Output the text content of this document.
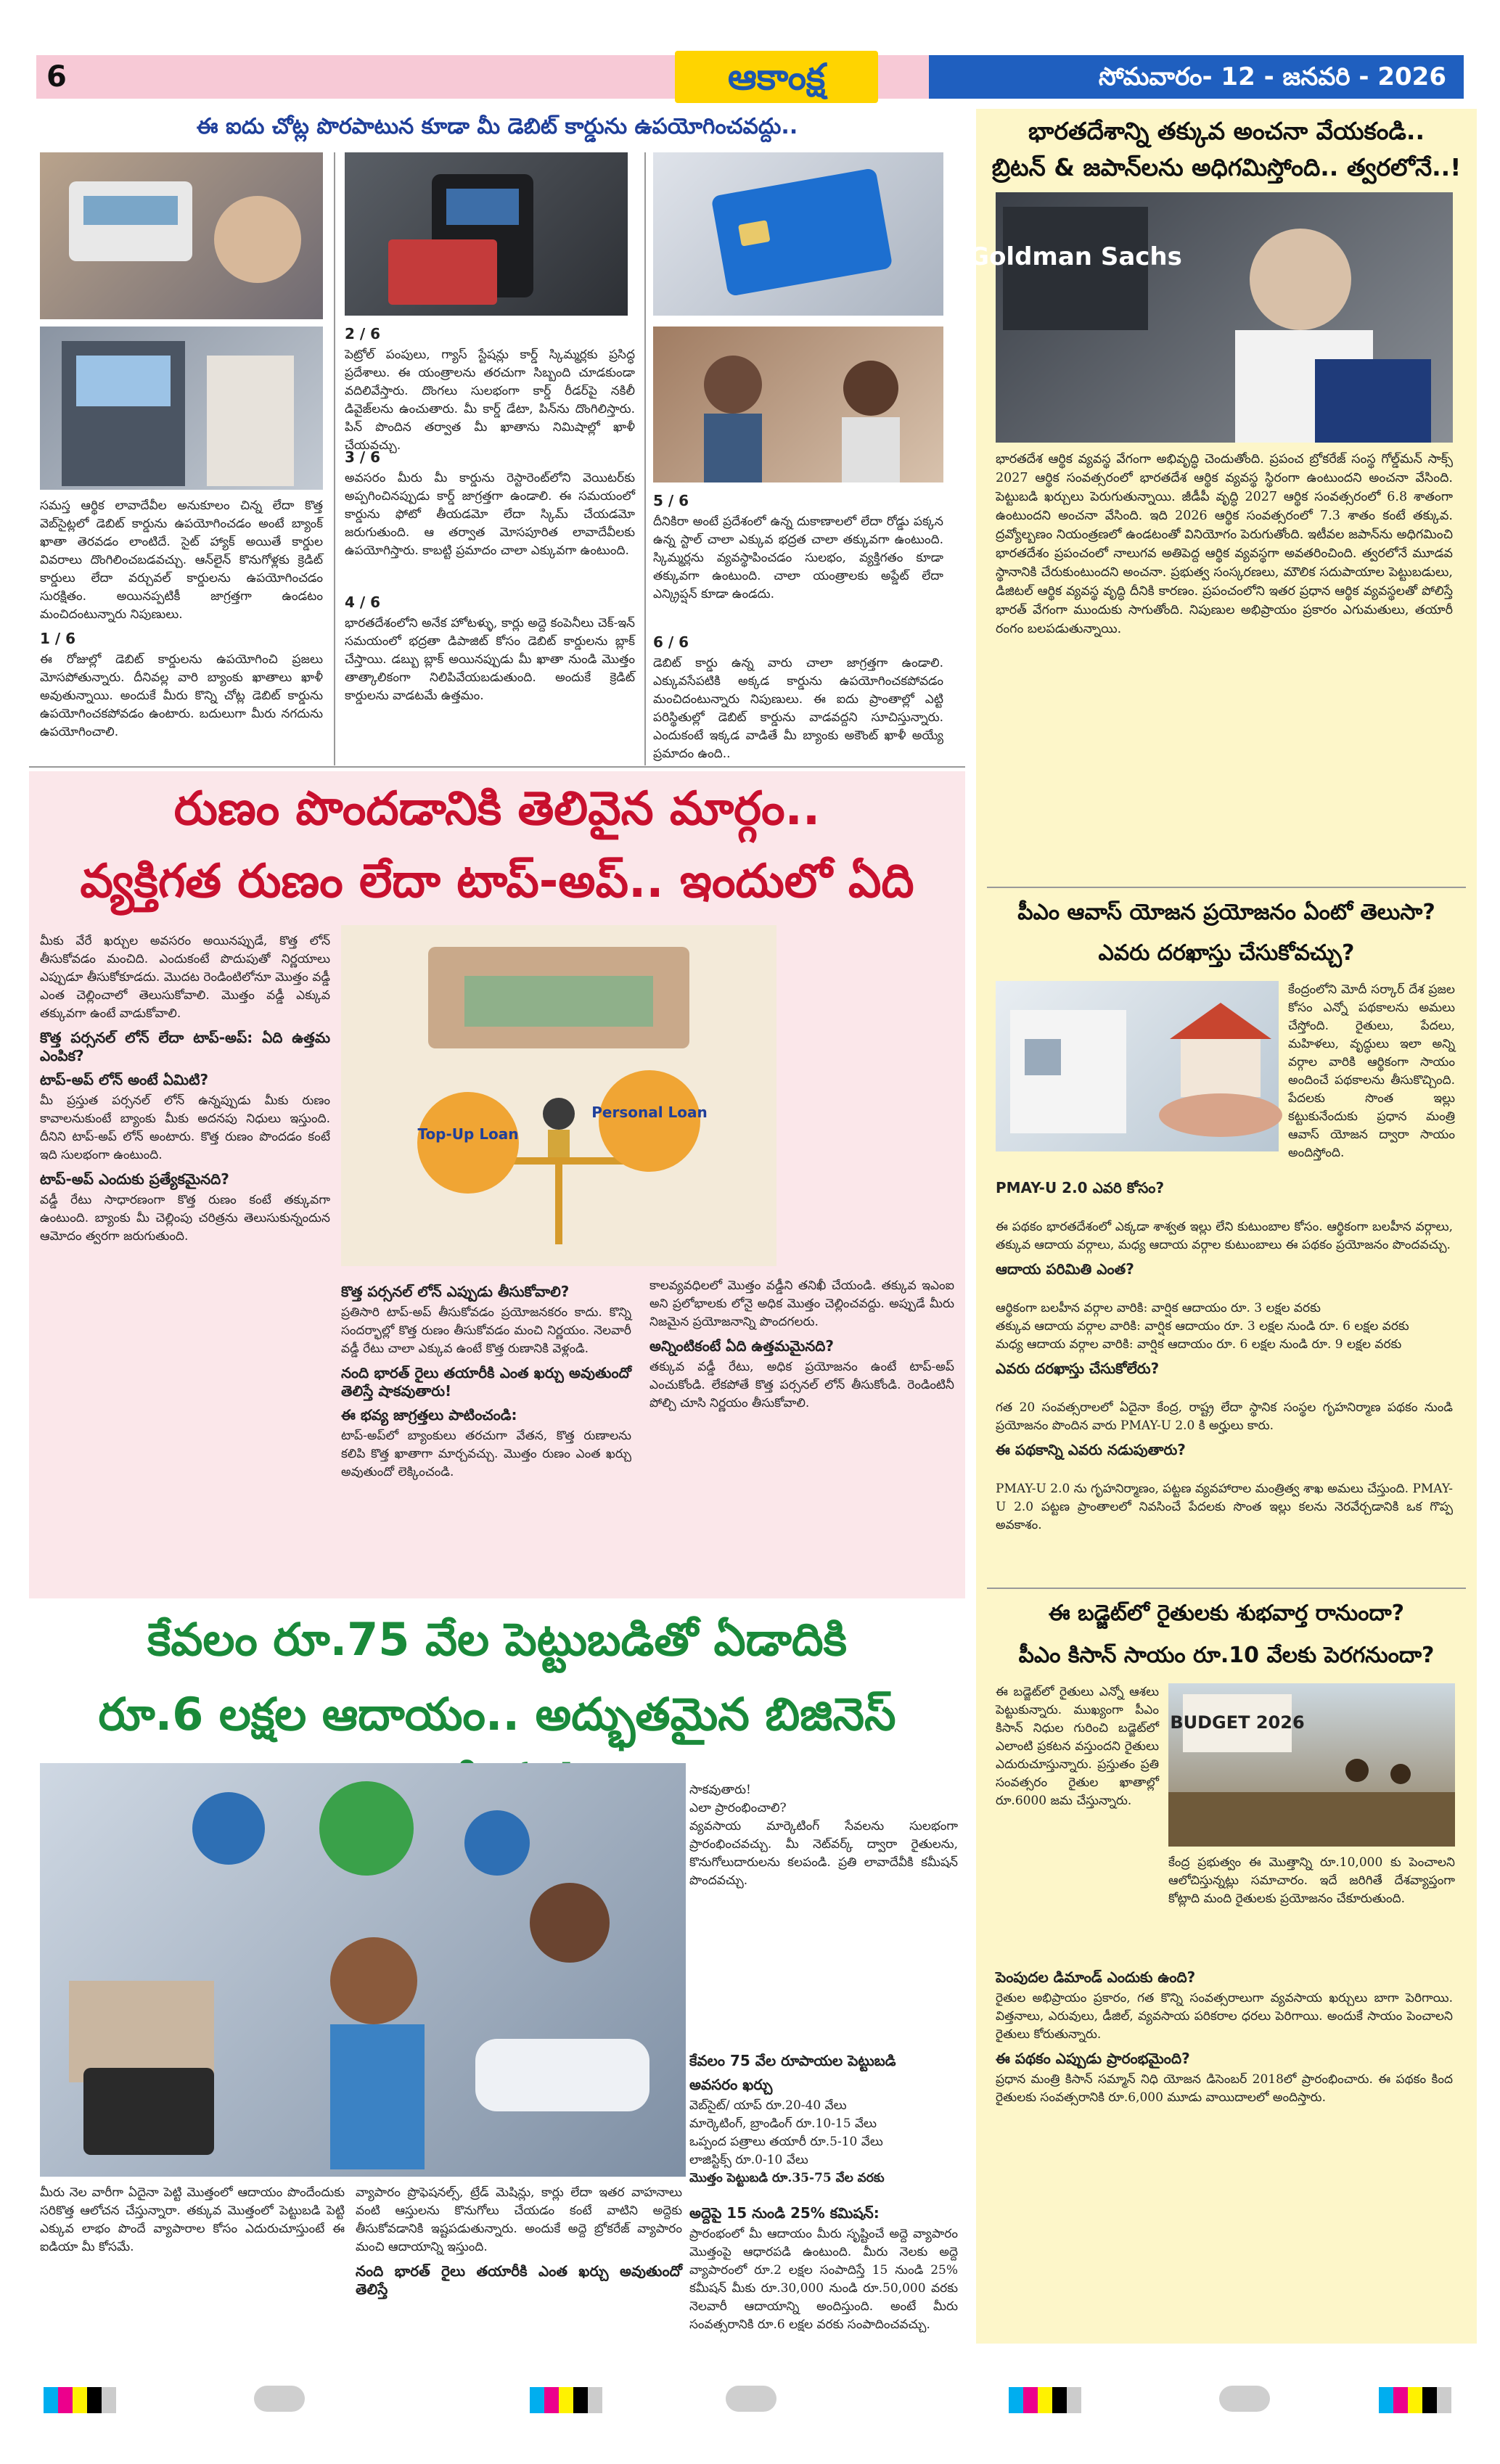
6	ఆకాంక్ష	సోమవారం- 12 - జనవరి - 2026
ఈ ఐదు చోట్ల పొరపాటున కూడా మీ డెబిట్ కార్డును ఉపయోగించవద్దు..
సమస్త ఆర్థిక లావాదేవీల అనుకూలం చిన్న లేదా కొత్త వెబ్‌సైట్లలో డెబిట్ కార్డును ఉపయోగించడం అంటే బ్యాంక్ ఖాతా తెరవడం లాంటిదే. సైట్ హ్యాక్ అయితే కార్డుల వివరాలు దొంగిలించబడవచ్చు. ఆన్‌లైన్ కొనుగోళ్లకు క్రెడిట్ కార్డులు లేదా వర్చువల్ కార్డులను ఉపయోగించడం సురక్షితం. అయినప్పటికీ జాగ్రత్తగా ఉండటం మంచిదంటున్నారు నిపుణులు.
1 / 6
ఈ రోజుల్లో డెబిట్ కార్డులను ఉపయోగించి ప్రజలు మోసపోతున్నారు. దీనివల్ల వారి బ్యాంకు ఖాతాలు ఖాళీ అవుతున్నాయి. అందుకే మీరు కొన్ని చోట్ల డెబిట్ కార్డును ఉపయోగించకపోవడం ఉంటారు. బదులుగా మీరు నగదును ఉపయోగించాలి.
2 / 6
పెట్రోల్ పంపులు, గ్యాస్ స్టేషన్లు కార్డ్ స్కిమ్మర్లకు ప్రసిద్ధ ప్రదేశాలు. ఈ యంత్రాలను తరచుగా సిబ్బంది చూడకుండా వదిలివేస్తారు. దొంగలు సులభంగా కార్డ్ రీడర్‌పై నకిలీ డివైజ్‌లను ఉంచుతారు. మీ కార్డ్ డేటా, పిన్‌ను దొంగిలిస్తారు. పిన్ పొందిన తర్వాత మీ ఖాతాను నిమిషాల్లో ఖాళీ చేయవచ్చు.
3 / 6
అవసరం మీరు మీ కార్డును రెస్టారెంట్‌లోని వెయిటర్‌కు అప్పగించినప్పుడు కార్డ్ జాగ్రత్తగా ఉండాలి. ఈ సమయంలో కార్డును ఫోటో తీయడమో లేదా స్కిమ్ చేయడమో జరుగుతుంది. ఆ తర్వాత మోసపూరిత లావాదేవీలకు ఉపయోగిస్తారు. కాబట్టి ప్రమాదం చాలా ఎక్కువగా ఉంటుంది.
4 / 6
భారతదేశంలోని అనేక హోటళ్ళు, కార్లు అద్దె కంపెనీలు చెక్-ఇన్ సమయంలో భద్రతా డిపాజిట్ కోసం డెబిట్ కార్డులను బ్లాక్ చేస్తాయి. డబ్బు బ్లాక్ అయినప్పుడు మీ ఖాతా నుండి మొత్తం తాత్కాలికంగా నిలిపివేయబడుతుంది. అందుకే క్రెడిట్ కార్డులను వాడటమే ఉత్తమం.
5 / 6
దీనికిరా అంటే ప్రదేశంలో ఉన్న దుకాణాలలో లేదా రోడ్డు పక్కన ఉన్న స్టాల్ చాలా ఎక్కువ భద్రత చాలా తక్కువగా ఉంటుంది. స్కిమ్మర్లను వ్యవస్థాపించడం సులభం, వ్యక్తిగతం కూడా తక్కువగా ఉంటుంది. చాలా యంత్రాలకు అప్డేట్ లేదా ఎన్క్రిప్షన్ కూడా ఉండదు.
6 / 6
డెబిట్ కార్డు ఉన్న వారు చాలా జాగ్రత్తగా ఉండాలి. ఎక్కువసేపటికి అక్కడ కార్డును ఉపయోగించకపోవడం మంచిదంటున్నారు నిపుణులు. ఈ ఐదు ప్రాంతాల్లో ఎట్టి పరిస్థితుల్లో డెబిట్ కార్డును వాడవద్దని సూచిస్తున్నారు. ఎందుకంటే ఇక్కడ వాడితే మీ బ్యాంకు అకౌంట్ ఖాళీ అయ్యే ప్రమాదం ఉంది..
రుణం పొందడానికి తెలివైన మార్గం..
వ్యక్తిగత రుణం లేదా టాప్-అప్.. ఇందులో ఏది
Top-Up Loan
Personal Loan
మీకు వేరే ఖర్చుల అవసరం అయినప్పుడే, కొత్త లోన్ తీసుకోవడం మంచిది. ఎందుకంటే పొదుపుతో నిర్ణయాలు ఎప్పుడూ తీసుకోకూడదు. మొదట రెండింటిలోనూ మొత్తం వడ్డీ ఎంత చెల్లించాలో తెలుసుకోవాలి. మొత్తం వడ్డీ ఎక్కువ తక్కువగా ఉంటే వాడుకోవాలి.
కొత్త పర్సనల్ లోన్ లేదా టాప్-అప్: ఏది ఉత్తమ ఎంపిక?
టాప్-అప్ లోన్ అంటే ఏమిటి?
మీ ప్రస్తుత పర్సనల్ లోన్ ఉన్నప్పుడు మీకు రుణం కావాలనుకుంటే బ్యాంకు మీకు అదనపు నిధులు ఇస్తుంది. దీనిని టాప్-అప్ లోన్ అంటారు. కొత్త రుణం పొందడం కంటే ఇది సులభంగా ఉంటుంది.
టాప్-అప్ ఎందుకు ప్రత్యేకమైనది?
వడ్డీ రేటు సాధారణంగా కొత్త రుణం కంటే తక్కువగా ఉంటుంది. బ్యాంకు మీ చెల్లింపు చరిత్రను తెలుసుకున్నందున ఆమోదం త్వరగా జరుగుతుంది.
కొత్త పర్సనల్ లోన్ ఎప్పుడు తీసుకోవాలి?
ప్రతిసారి టాప్-అప్ తీసుకోవడం ప్రయోజనకరం కాదు. కొన్ని సందర్భాల్లో కొత్త రుణం తీసుకోవడం మంచి నిర్ణయం. నెలవారీ వడ్డీ రేటు చాలా ఎక్కువ ఉంటే కొత్త రుణానికి వెళ్లండి.
నంది భారత్ రైలు తయారీకి ఎంత ఖర్చు అవుతుందో తెలిస్తే షాకవుతారు!
ఈ భవ్య జాగ్రత్తలు పాటించండి:
టాప్-అప్‌లో బ్యాంకులు తరచుగా వేతన, కొత్త రుణాలను కలిపి కొత్త ఖాతాగా మార్చవచ్చు. మొత్తం రుణం ఎంత ఖర్చు అవుతుందో లెక్కించండి.
కాలవ్యవధిలలో మొత్తం వడ్డీని తనిఖీ చేయండి. తక్కువ ఇఎంఐ అని ప్రలోభాలకు లోనై అధిక మొత్తం చెల్లించవద్దు. అప్పుడే మీరు నిజమైన ప్రయోజనాన్ని పొందగలరు.
అన్నింటికంటే ఏది ఉత్తమమైనది?
తక్కువ వడ్డీ రేటు, అధిక ప్రయోజనం ఉంటే టాప్-అప్ ఎంచుకోండి. లేకపోతే కొత్త పర్సనల్ లోన్ తీసుకోండి. రెండింటినీ పోల్చి చూసి నిర్ణయం తీసుకోవాలి.
కేవలం రూ.75 వేల పెట్టుబడితో ఏడాదికి
రూ.6 లక్షల ఆదాయం.. అద్భుతమైన బిజినెస్

సాకవుతారు!
ఎలా ప్రారంభించాలి?
వ్యవసాయ మార్కెటింగ్ సేవలను సులభంగా ప్రారంభించవచ్చు. మీ నెట్‌వర్క్ ద్వారా రైతులను, కొనుగోలుదారులను కలపండి. ప్రతి లావాదేవీకి కమీషన్ పొందవచ్చు.

కేవలం 75 వేల రూపాయల పెట్టుబడి
అవసరం ఖర్చు
వెబ్‌సైట్/ యాప్ రూ.20-40 వేలు
మార్కెటింగ్, బ్రాండింగ్ రూ.10-15 వేలు
ఒప్పంద పత్రాలు తయారీ రూ.5-10 వేలు
లాజిస్టిక్స్ రూ.0-10 వేలు
మొత్తం పెట్టుబడి రూ.35-75 వేల వరకు
అద్దెపై 15 నుండి 25% కమిషన్:
ప్రారంభంలో మీ ఆదాయం మీరు సృష్టించే అద్దె వ్యాపారం మొత్తంపై ఆధారపడి ఉంటుంది. మీరు నెలకు అద్దె వ్యాపారంలో రూ.2 లక్షల సంపాదిస్తే 15 నుండి 25% కమీషన్ మీకు రూ.30,000 నుండి రూ.50,000 వరకు నెలవారీ ఆదాయాన్ని అందిస్తుంది. అంటే మీరు సంవత్సరానికి రూ.6 లక్షల వరకు సంపాదించవచ్చు.
మీరు నెల వారీగా ఏదైనా పెట్టి మొత్తంలో ఆదాయం పొందేందుకు సరికొత్త ఆలోచన చేస్తున్నారా. తక్కువ మొత్తంలో పెట్టుబడి పెట్టి ఎక్కువ లాభం పొందే వ్యాపారాల కోసం ఎదురుచూస్తుంటే ఈ ఐడియా మీ కోసమే.
వ్యాపారం ప్రొఫెషనల్స్, ట్రేడ్ మెషిన్లు, కార్లు లేదా ఇతర వాహనాలు వంటి ఆస్తులను కొనుగోలు చేయడం కంటే వాటిని అద్దెకు తీసుకోవడానికి ఇష్టపడుతున్నారు. అందుకే అద్దె బ్రోకరేజ్ వ్యాపారం మంచి ఆదాయాన్ని ఇస్తుంది.
నంది భారత్ రైలు తయారీకి ఎంత ఖర్చు అవుతుందో తెలిస్తే
భారతదేశాన్ని తక్కువ అంచనా వేయకండి..
బ్రిటన్ & జపాన్‌లను అధిగమిస్తోంది.. త్వరలోనే..!
Goldman Sachs
భారతదేశ ఆర్థిక వ్యవస్థ వేగంగా అభివృద్ధి చెందుతోంది. ప్రపంచ బ్రోకరేజ్ సంస్థ గోల్డ్‌మన్ సాక్స్ 2027 ఆర్థిక సంవత్సరంలో భారతదేశ ఆర్థిక వ్యవస్థ స్థిరంగా ఉంటుందని అంచనా వేసింది. పెట్టుబడి ఖర్చులు పెరుగుతున్నాయి. జీడీపీ వృద్ధి 2027 ఆర్థిక సంవత్సరంలో 6.8 శాతంగా ఉంటుందని అంచనా వేసింది. ఇది 2026 ఆర్థిక సంవత్సరంలో 7.3 శాతం కంటే తక్కువ. ద్రవ్యోల్బణం నియంత్రణలో ఉండటంతో వినియోగం పెరుగుతోంది. ఇటీవల జపాన్‌ను అధిగమించి భారతదేశం ప్రపంచంలో నాలుగవ అతిపెద్ద ఆర్థిక వ్యవస్థగా అవతరించింది. త్వరలోనే మూడవ స్థానానికి చేరుకుంటుందని అంచనా. ప్రభుత్వ సంస్కరణలు, మౌలిక సదుపాయాల పెట్టుబడులు, డిజిటల్ ఆర్థిక వ్యవస్థ వృద్ధి దీనికి కారణం. ప్రపంచంలోని ఇతర ప్రధాన ఆర్థిక వ్యవస్థలతో పోలిస్తే భారత్ వేగంగా ముందుకు సాగుతోంది. నిపుణుల అభిప్రాయం ప్రకారం ఎగుమతులు, తయారీ రంగం బలపడుతున్నాయి.
పీఎం ఆవాస్ యోజన ప్రయోజనం ఏంటో తెలుసా?
ఎవరు దరఖాస్తు చేసుకోవచ్చు?
కేంద్రంలోని మోదీ సర్కార్ దేశ ప్రజల కోసం ఎన్నో పథకాలను అమలు చేస్తోంది. రైతులు, పేదలు, మహిళలు, వృద్ధులు ఇలా అన్ని వర్గాల వారికి ఆర్థికంగా సాయం అందించే పథకాలను తీసుకొచ్చింది. పేదలకు సొంత ఇల్లు కట్టుకునేందుకు ప్రధాన మంత్రి ఆవాస్ యోజన ద్వారా సాయం అందిస్తోంది.

PMAY-U 2.0 ఎవరి కోసం?

ఈ పథకం భారతదేశంలో ఎక్కడా శాశ్వత ఇల్లు లేని కుటుంబాల కోసం. ఆర్థికంగా బలహీన వర్గాలు, తక్కువ ఆదాయ వర్గాలు, మధ్య ఆదాయ వర్గాల కుటుంబాలు ఈ పథకం ప్రయోజనం పొందవచ్చు.

ఆదాయ పరిమితి ఎంత?

ఆర్థికంగా బలహీన వర్గాల వారికి: వార్షిక ఆదాయం రూ. 3 లక్షల వరకు
తక్కువ ఆదాయ వర్గాల వారికి: వార్షిక ఆదాయం రూ. 3 లక్షల నుండి రూ. 6 లక్షల వరకు
మధ్య ఆదాయ వర్గాల వారికి: వార్షిక ఆదాయం రూ. 6 లక్షల నుండి రూ. 9 లక్షల వరకు

ఎవరు దరఖాస్తు చేసుకోలేరు?

గత 20 సంవత్సరాలలో ఏదైనా కేంద్ర, రాష్ట్ర లేదా స్థానిక సంస్థల గృహనిర్మాణ పథకం నుండి ప్రయోజనం పొందిన వారు PMAY-U 2.0 కి అర్హులు కారు.

ఈ పథకాన్ని ఎవరు నడుపుతారు?

PMAY-U 2.0 ను గృహనిర్మాణం, పట్టణ వ్యవహారాల మంత్రిత్వ శాఖ అమలు చేస్తుంది. PMAY-U 2.0 పట్టణ ప్రాంతాలలో నివసించే పేదలకు సొంత ఇల్లు కలను నెరవేర్చడానికి ఒక గొప్ప అవకాశం.

ఈ బడ్జెట్‌లో రైతులకు శుభవార్త రానుందా?
పీఎం కిసాన్ సాయం రూ.10 వేలకు పెరగనుందా?
ఈ బడ్జెట్‌లో రైతులు ఎన్నో ఆశలు పెట్టుకున్నారు. ముఖ్యంగా పీఎం కిసాన్ నిధుల గురించి బడ్జెట్‌లో ఎలాంటి ప్రకటన వస్తుందని రైతులు ఎదురుచూస్తున్నారు. ప్రస్తుతం ప్రతి సంవత్సరం రైతుల ఖాతాల్లో రూ.6000 జమ చేస్తున్నారు.
BUDGET 2026
కేంద్ర ప్రభుత్వం ఈ మొత్తాన్ని రూ.10,000 కు పెంచాలని ఆలోచిస్తున్నట్లు సమాచారం. ఇదే జరిగితే దేశవ్యాప్తంగా కోట్లాది మంది రైతులకు ప్రయోజనం చేకూరుతుంది.
పెంపుదల డిమాండ్ ఎందుకు ఉంది?
రైతుల అభిప్రాయం ప్రకారం, గత కొన్ని సంవత్సరాలుగా వ్యవసాయ ఖర్చులు బాగా పెరిగాయి. విత్తనాలు, ఎరువులు, డీజిల్, వ్యవసాయ పరికరాల ధరలు పెరిగాయి. అందుకే సాయం పెంచాలని రైతులు కోరుతున్నారు.
ఈ పథకం ఎప్పుడు ప్రారంభమైంది?
ప్రధాన మంత్రి కిసాన్ సమ్మాన్ నిధి యోజన డిసెంబర్ 2018లో ప్రారంభించారు. ఈ పథకం కింద రైతులకు సంవత్సరానికి రూ.6,000 మూడు వాయిదాలలో అందిస్తారు.
